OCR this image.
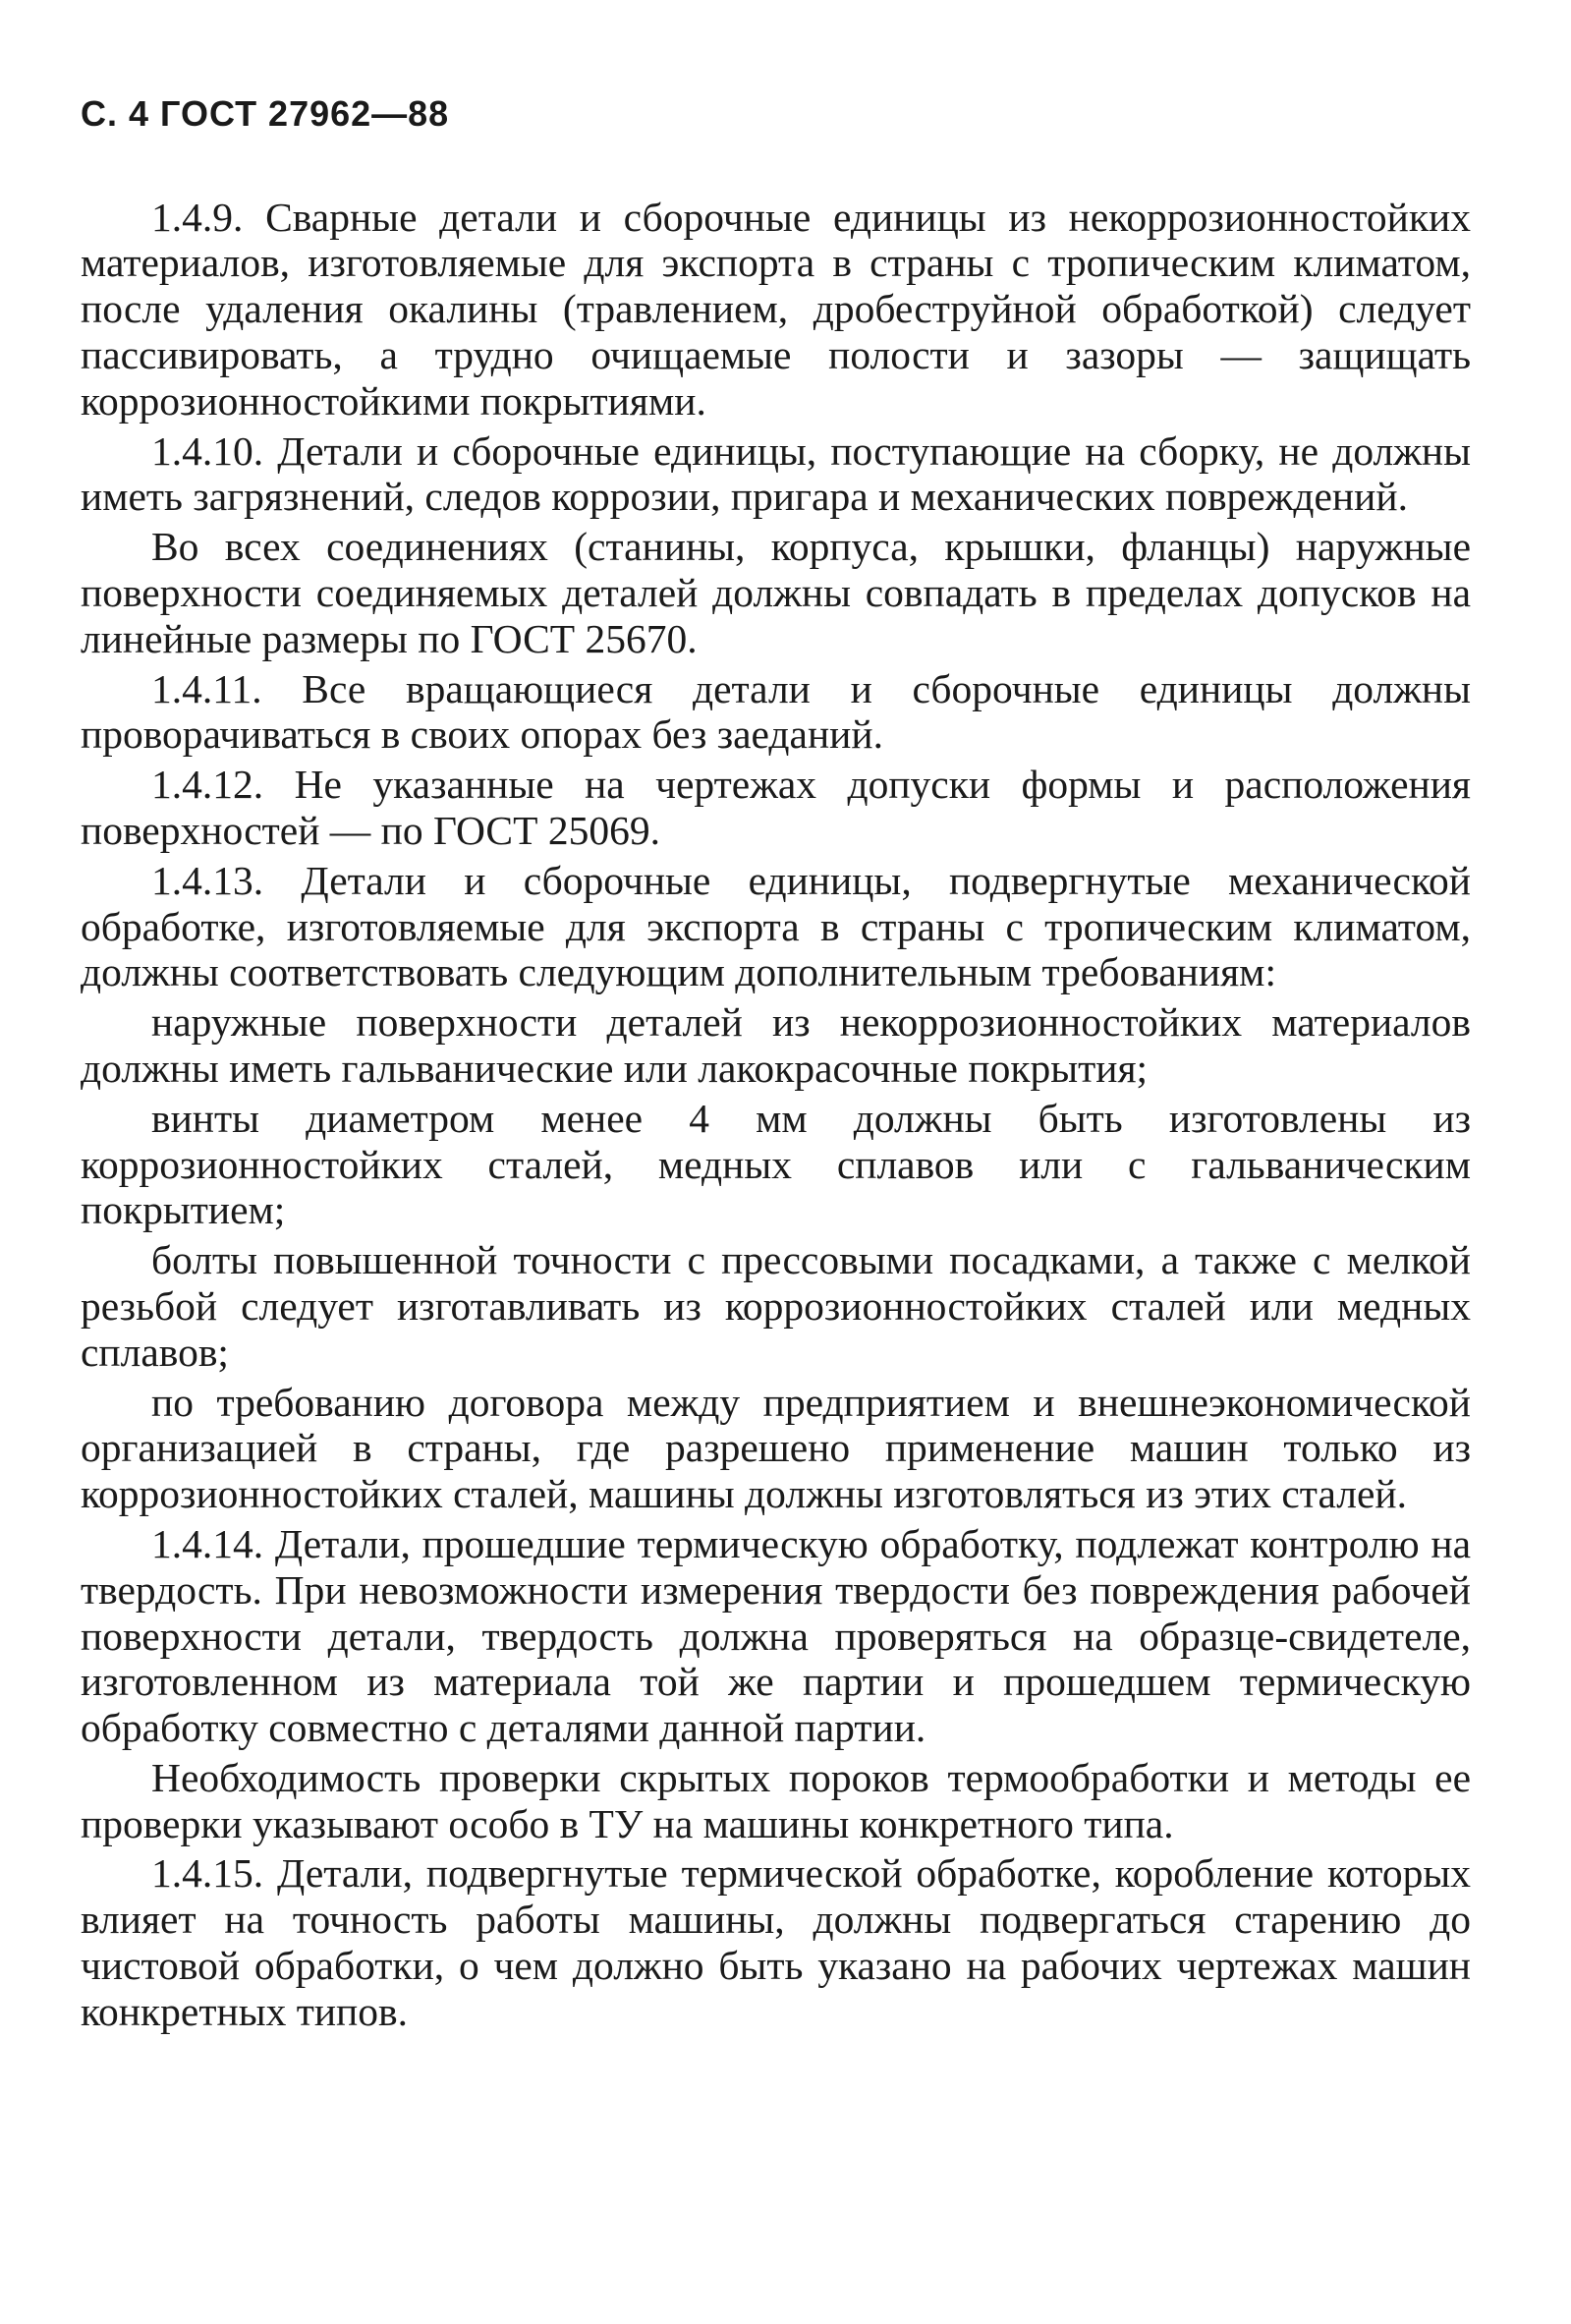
С. 4 ГОСТ 27962—88

1.4.9. Сварные детали и сборочные единицы из некоррозионностойких материалов, изготовляемые для экспорта в страны с тропическим климатом, после удаления окалины (травлением, дробеструйной обработкой) следует пассивировать, а трудно очищаемые полости и зазоры — защищать коррозионностойкими покрытиями.

1.4.10. Детали и сборочные единицы, поступающие на сборку, не должны иметь загрязнений, следов коррозии, пригара и механических повреждений.

Во всех соединениях (станины, корпуса, крышки, фланцы) наружные поверхности соединяемых деталей должны совпадать в пределах допусков на линейные размеры по ГОСТ 25670.

1.4.11. Все вращающиеся детали и сборочные единицы должны проворачиваться в своих опорах без заеданий.

1.4.12. Не указанные на чертежах допуски формы и расположения поверхностей — по ГОСТ 25069.

1.4.13. Детали и сборочные единицы, подвергнутые механической обработке, изготовляемые для экспорта в страны с тропическим климатом, должны соответствовать следующим дополнительным требованиям:

наружные поверхности деталей из некоррозионностойких материалов должны иметь гальванические или лакокрасочные покрытия;

винты диаметром менее 4 мм должны быть изготовлены из коррозионностойких сталей, медных сплавов или с гальваническим покрытием;

болты повышенной точности с прессовыми посадками, а также с мелкой резьбой следует изготавливать из коррозионностойких сталей или медных сплавов;

по требованию договора между предприятием и внешнеэкономической организацией в страны, где разрешено применение машин только из коррозионностойких сталей, машины должны изготовляться из этих сталей.

1.4.14. Детали, прошедшие термическую обработку, подлежат контролю на твердость. При невозможности измерения твердости без повреждения рабочей поверхности детали, твердость должна проверяться на образце-свидетеле, изготовленном из материала той же партии и прошедшем термическую обработку совместно с деталями данной партии.

Необходимость проверки скрытых пороков термообработки и методы ее проверки указывают особо в ТУ на машины конкретного типа.

1.4.15. Детали, подвергнутые термической обработке, коробление которых влияет на точность работы машины, должны подвергаться старению до чистовой обработки, о чем должно быть указано на рабочих чертежах машин конкретных типов.
